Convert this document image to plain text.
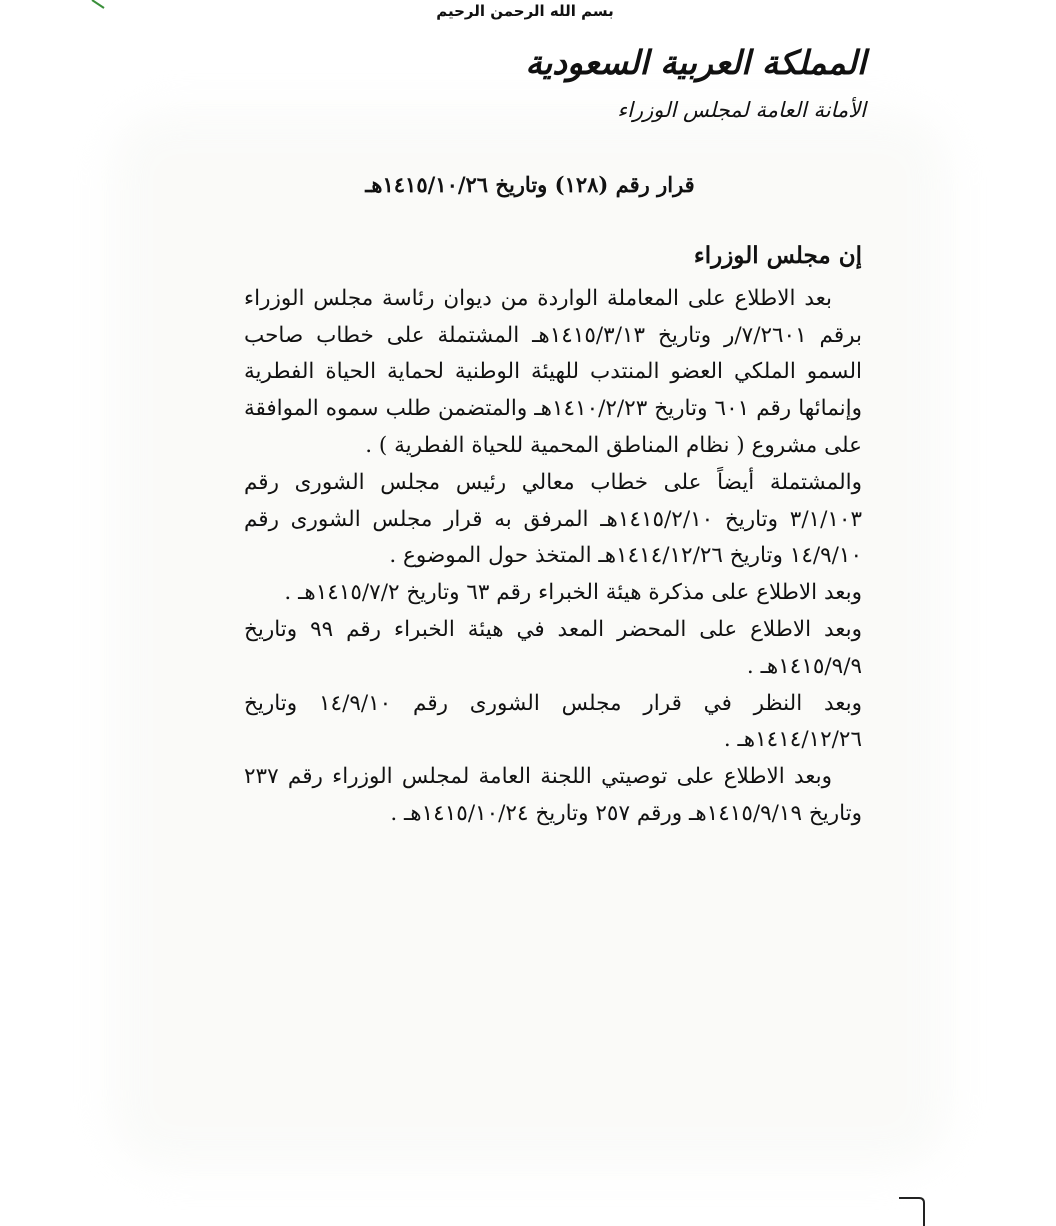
بسم الله الرحمن الرحيم
المملكة العربية السعودية
الأمانة العامة لمجلس الوزراء
قرار رقم (١٢٨) وتاريخ ١٤١٥/١٠/٢٦هـ

إن مجلس الوزراء

بعد الاطلاع على المعاملة الواردة من ديوان رئاسة مجلس الوزراء برقم ٧/٢٦٠١/ر وتاريخ ١٤١٥/٣/١٣هـ المشتملة على خطاب صاحب السمو الملكي العضو المنتدب للهيئة الوطنية لحماية الحياة الفطرية وإنمائها رقم ٦٠١ وتاريخ ١٤١٠/٢/٢٣هـ والمتضمن طلب سموه الموافقة على مشروع ( نظام المناطق المحمية للحياة الفطرية ) .

والمشتملة أيضاً على خطاب معالي رئيس مجلس الشورى رقم ٣/١/١٠٣ وتاريخ ١٤١٥/٢/١٠هـ المرفق به قرار مجلس الشورى رقم ١٤/٩/١٠ وتاريخ ١٤١٤/١٢/٢٦هـ المتخذ حول الموضوع .

وبعد الاطلاع على مذكرة هيئة الخبراء رقم ٦٣ وتاريخ ١٤١٥/٧/٢هـ .

وبعد الاطلاع على المحضر المعد في هيئة الخبراء رقم ٩٩ وتاريخ ١٤١٥/٩/٩هـ .

وبعد النظر في قرار مجلس الشورى رقم ١٤/٩/١٠ وتاريخ ١٤١٤/١٢/٢٦هـ .

وبعد الاطلاع على توصيتي اللجنة العامة لمجلس الوزراء رقم ٢٣٧ وتاريخ ١٤١٥/٩/١٩هـ ورقم ٢٥٧ وتاريخ ١٤١٥/١٠/٢٤هـ .
